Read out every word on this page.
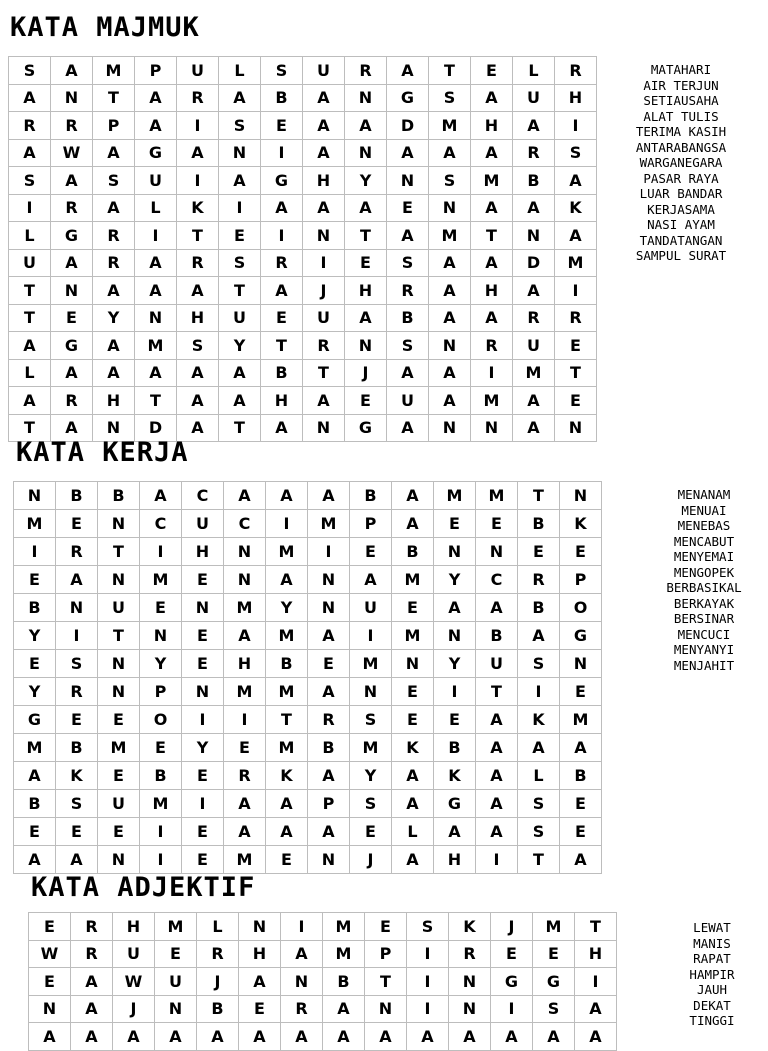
KATA MAJMUK
S	A	M	P	U	L	S	U	R	A	T	E	L	R
A	N	T	A	R	A	B	A	N	G	S	A	U	H
R	R	P	A	I	S	E	A	A	D	M	H	A	I
A	W	A	G	A	N	I	A	N	A	A	A	R	S
S	A	S	U	I	A	G	H	Y	N	S	M	B	A
I	R	A	L	K	I	A	A	A	E	N	A	A	K
L	G	R	I	T	E	I	N	T	A	M	T	N	A
U	A	R	A	R	S	R	I	E	S	A	A	D	M
T	N	A	A	A	T	A	J	H	R	A	H	A	I
T	E	Y	N	H	U	E	U	A	B	A	A	R	R
A	G	A	M	S	Y	T	R	N	S	N	R	U	E
L	A	A	A	A	A	B	T	J	A	A	I	M	T
A	R	H	T	A	A	H	A	E	U	A	M	A	E
T	A	N	D	A	T	A	N	G	A	N	N	A	N
MATAHARI
AIR TERJUN
SETIAUSAHA
ALAT TULIS
TERIMA KASIH
ANTARABANGSA
WARGANEGARA
PASAR RAYA
LUAR BANDAR
KERJASAMA
NASI AYAM
TANDATANGAN
SAMPUL SURAT
KATA KERJA
N	B	B	A	C	A	A	A	B	A	M	M	T	N
M	E	N	C	U	C	I	M	P	A	E	E	B	K
I	R	T	I	H	N	M	I	E	B	N	N	E	E
E	A	N	M	E	N	A	N	A	M	Y	C	R	P
B	N	U	E	N	M	Y	N	U	E	A	A	B	O
Y	I	T	N	E	A	M	A	I	M	N	B	A	G
E	S	N	Y	E	H	B	E	M	N	Y	U	S	N
Y	R	N	P	N	M	M	A	N	E	I	T	I	E
G	E	E	O	I	I	T	R	S	E	E	A	K	M
M	B	M	E	Y	E	M	B	M	K	B	A	A	A
A	K	E	B	E	R	K	A	Y	A	K	A	L	B
B	S	U	M	I	A	A	P	S	A	G	A	S	E
E	E	E	I	E	A	A	A	E	L	A	A	S	E
A	A	N	I	E	M	E	N	J	A	H	I	T	A
MENANAM
MENUAI
MENEBAS
MENCABUT
MENYEMAI
MENGOPEK
BERBASIKAL
BERKAYAK
BERSINAR
MENCUCI
MENYANYI
MENJAHIT
KATA ADJEKTIF
E	R	H	M	L	N	I	M	E	S	K	J	M	T
W	R	U	E	R	H	A	M	P	I	R	E	E	H
E	A	W	U	J	A	N	B	T	I	N	G	G	I
N	A	J	N	B	E	R	A	N	I	N	I	S	A
A	A	A	A	A	A	A	A	A	A	A	A	A	A
LEWAT
MANIS
RAPAT
HAMPIR
JAUH
DEKAT
TINGGI
